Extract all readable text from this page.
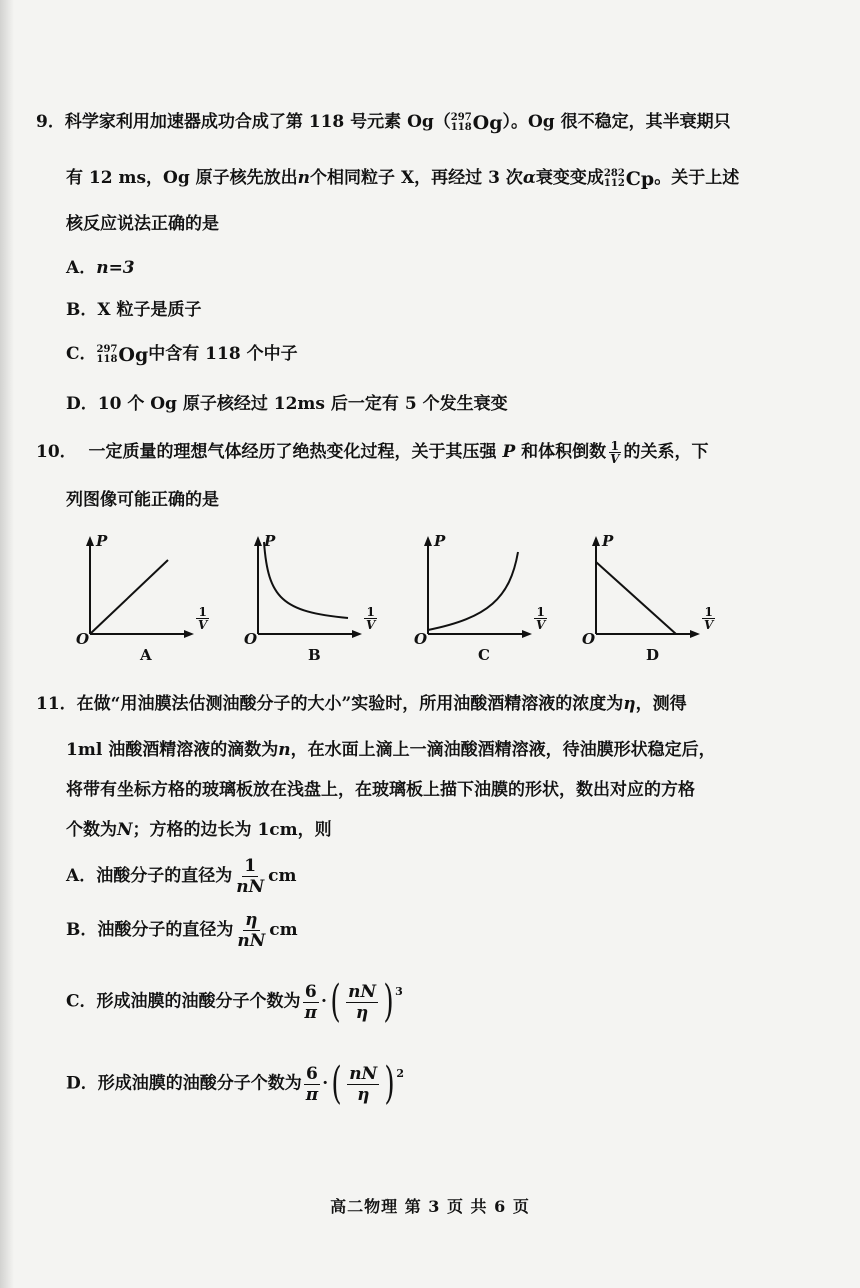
9．科学家利用加速器成功合成了第 118 号元素 Og（ 297
118 Og ）。Og 很不稳定，其半衰期只
有 12 ms，Og 原子核先放出n个相同粒子 X，再经过 3 次α衰变变成 282
112 Cp 。关于上述
核反应说法正确的是
A．n=3
B．X 粒子是质子
C． 297
118 Og 中含有 118 个中子
D．10 个 Og 原子核经过 12ms 后一定有 5 个发生衰变
10． 一定质量的理想气体经历了绝热变化过程，关于其压强 P 和体积倒数 $\frac{1}{V}$ 的关系，下
列图像可能正确的是
11．在做“用油膜法估测油酸分子的大小”实验时，所用油酸酒精溶液的浓度为η，测得
1ml 油酸酒精溶液的滴数为n，在水面上滴上一滴油酸酒精溶液，待油膜形状稳定后，
将带有坐标方格的玻璃板放在浅盘上，在玻璃板上描下油膜的形状，数出对应的方格
个数为N；方格的边长为 1cm，则
A．油酸分子的直径为 $\frac{1}{nN}$ cm
B．油酸分子的直径为 $\frac{\eta}{nN}$ cm
C．形成油膜的油酸分子个数为 $\frac{6}{\pi}$ · ( $\frac{nN}{\eta} )^3$
D．形成油膜的油酸分子个数为 $\frac{6}{\pi}$ · ( $\frac{nN}{\eta} )^2$
高二物理 第 3 页 共 6 页
P
O
$\frac{1}{V}$
A
P
O
$\frac{1}{V}$
B
P
O
$\frac{1}{V}$
C
P
O
$\frac{1}{V}$
D
